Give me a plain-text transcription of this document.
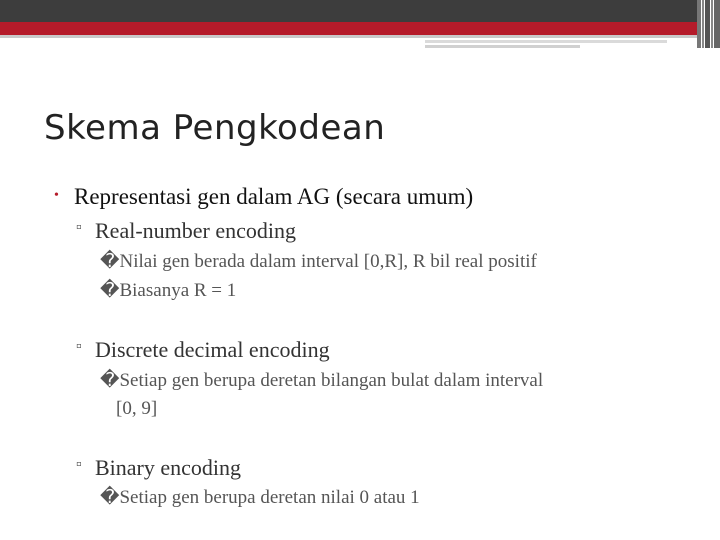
Skema Pengkodean
• Representasi gen dalam AG (secara umum)
▫ Real-number encoding
�Nilai gen berada dalam interval [0,R], R bil real positif
�Biasanya R = 1
▫ Discrete decimal encoding
�Setiap gen berupa deretan bilangan bulat dalam interval
[0, 9]
▫ Binary encoding
�Setiap gen berupa deretan nilai 0 atau 1
